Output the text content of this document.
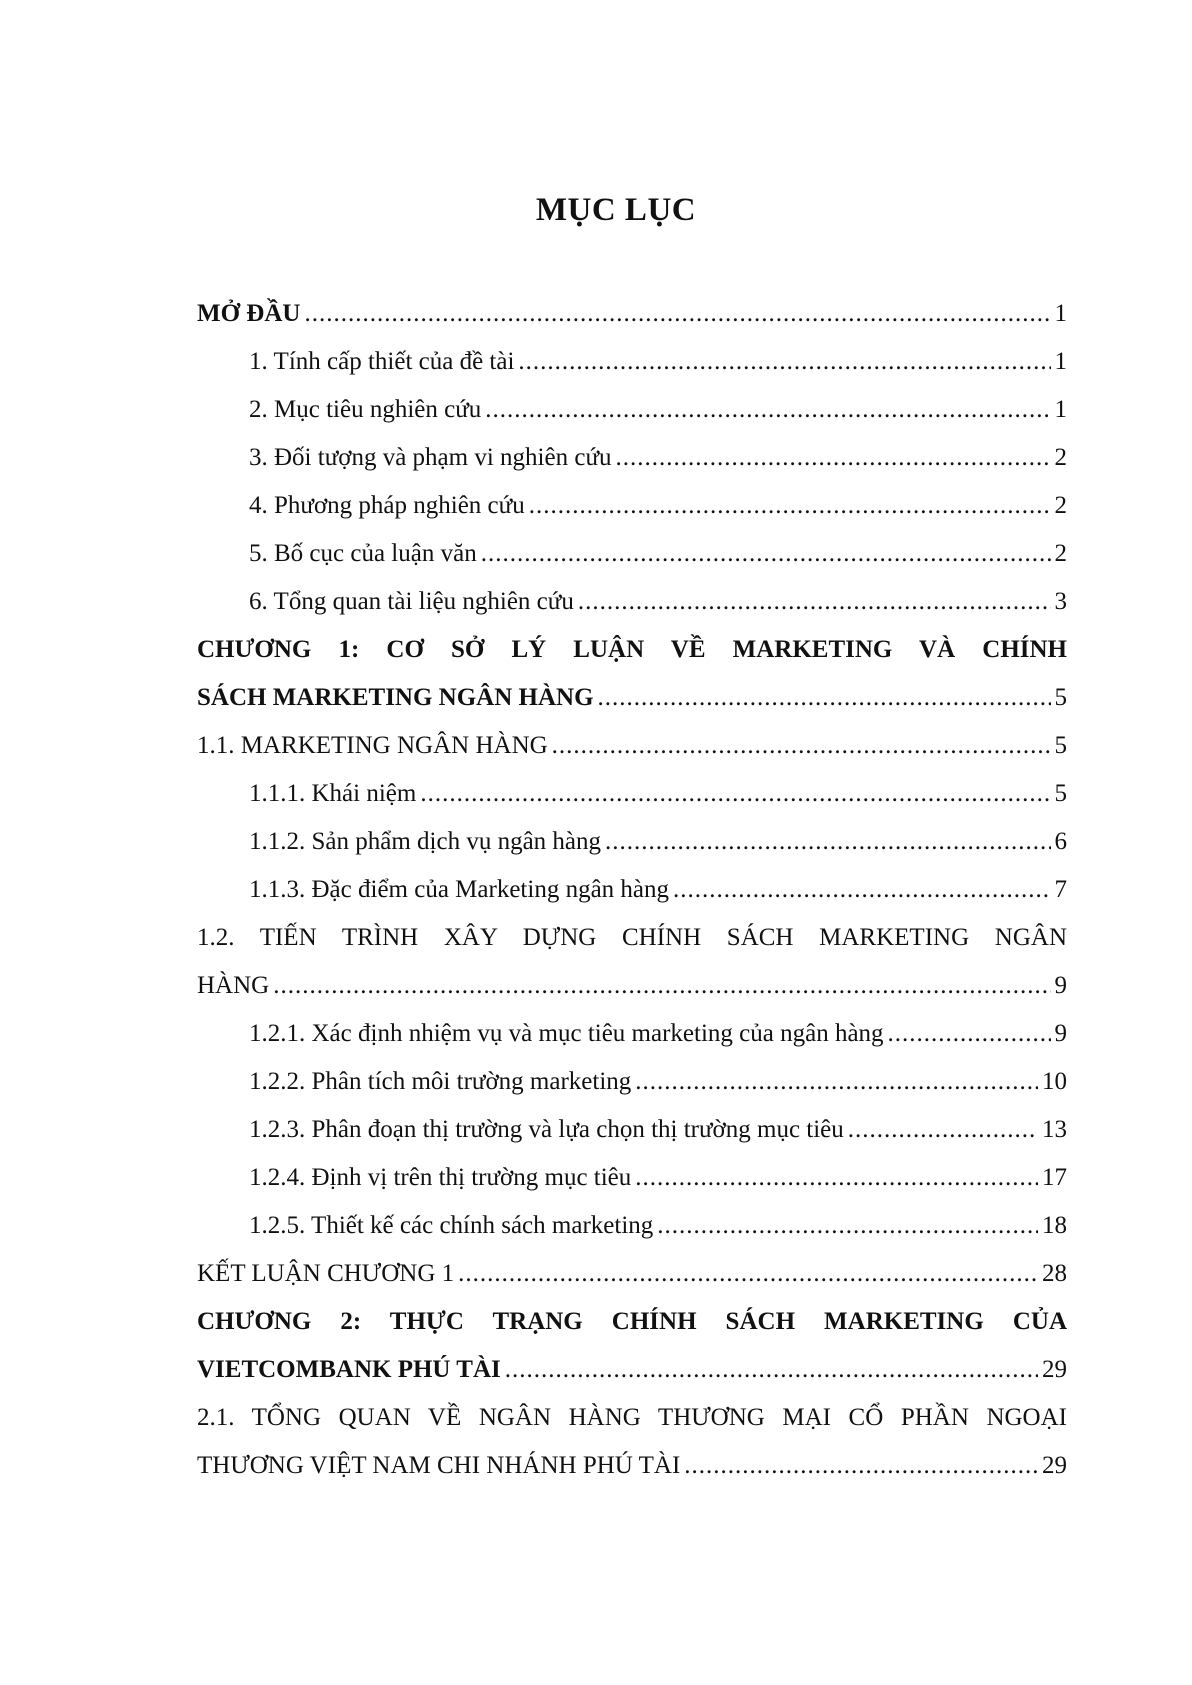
MỤC LỤC
MỞ ĐẦU .....	1
1. Tính cấp thiết của đề tài .....	1
2. Mục tiêu nghiên cứu .....	1
3. Đối tượng và phạm vi nghiên cứu .....	2
4. Phương pháp nghiên cứu .....	2
5. Bố cục của luận văn .....	2
6. Tổng quan tài liệu nghiên cứu .....	3
CHƯƠNG 1: CƠ SỞ LÝ LUẬN VỀ MARKETING VÀ CHÍNH
SÁCH MARKETING NGÂN HÀNG .....	5
1.1. MARKETING NGÂN HÀNG .....	5
1.1.1. Khái niệm .....	5
1.1.2. Sản phẩm dịch vụ ngân hàng .....	6
1.1.3. Đặc điểm của Marketing ngân hàng .....	7
1.2. TIẾN TRÌNH XÂY DỰNG CHÍNH SÁCH MARKETING NGÂN
HÀNG .....	9
1.2.1. Xác định nhiệm vụ và mục tiêu marketing của ngân hàng .....	9
1.2.2. Phân tích môi trường marketing .....	10
1.2.3. Phân đoạn thị trường và lựa chọn thị trường mục tiêu .....	13
1.2.4. Định vị trên thị trường mục tiêu .....	17
1.2.5. Thiết kế các chính sách marketing .....	18
KẾT LUẬN CHƯƠNG 1 .....	28
CHƯƠNG 2: THỰC TRẠNG CHÍNH SÁCH MARKETING CỦA
VIETCOMBANK PHÚ TÀI .....	29
2.1. TỔNG QUAN VỀ NGÂN HÀNG THƯƠNG MẠI CỔ PHẦN NGOẠI
THƯƠNG VIỆT NAM CHI NHÁNH PHÚ TÀI .....	29
